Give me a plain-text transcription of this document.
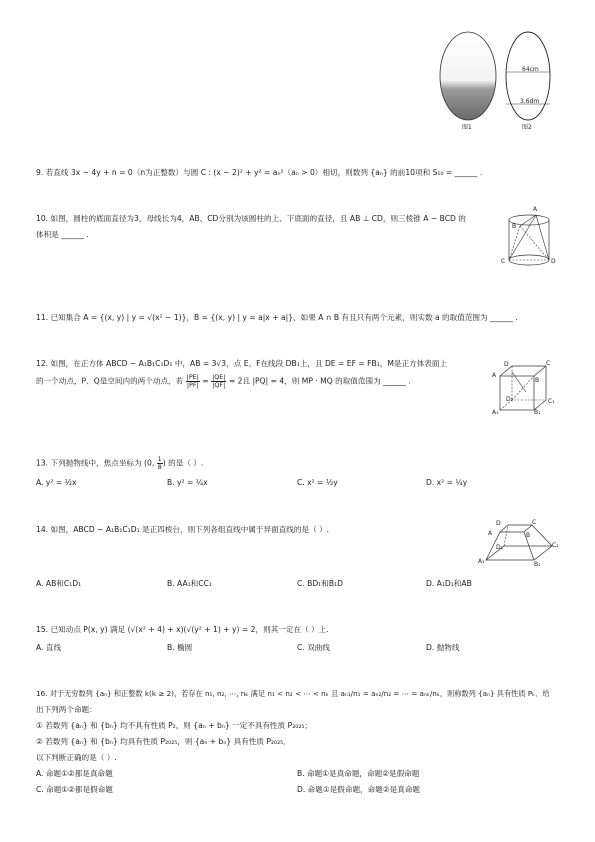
64cm
3.6dm
图1	图2
9. 若直线 3x − 4y + n = 0（n为正整数）与圆 C : (x − 2)² + y² = aₙ²（aₙ > 0）相切，则数列 {aₙ} 的前10项和 S₁₀ = ______ .
10. 如图，圆柱的底面直径为3，母线长为4，AB、CD分别为该圆柱的上、下底面的直径，且 AB ⊥ CD，则三棱锥 A − BCD 的
体积是 ______ .
A
B
C	D
11. 已知集合 A = {(x, y) | y = √(x² − 1)}，B = {(x, y) | y = a|x + a|}，如果 A ∩ B 有且只有两个元素，则实数 a 的取值范围为 ______ .
12. 如图，在正方体 ABCD − A₁B₁C₁D₁ 中，AB = 3√3，点 E、F在线段 DB₁上，且 DE = EF = FB₁，M是正方体表面上
的一个动点，P、Q是空间内的两个动点，若 $\frac{|PE|}{|PF|} = \frac{|QE|}{|QF|} = 2$且 |PQ| = 4，则 MP · MQ 的取值范围为 ______ .
D	C
A
B
D₁	C₁
A₁	B₁
13. 下列抛物线中，焦点坐标为 (0, $\frac{1}{8}$ ) 的是（ ）.
A. y² = ½x	B. y² = ¼x	C. x² = ½y	D. x² = ¼y
14. 如图，ABCD − A₁B₁C₁D₁ 是正四棱台，则下列各组直线中属于异面直线的是（ ）.
D	C
A	B
D₁	C₁
A₁	B₁
A. AB和C₁D₁	B. AA₁和CC₁	C. BD₁和B₁D	D. A₁D₁和AB
15. 已知动点 P(x, y) 满足 (√(x² + 4) + x)(√(y² + 1) + y) = 2，则其一定在（ ）上.
A. 直线	B. 椭圆	C. 双曲线	D. 抛物线
16. 对于无穷数列 {aₙ} 和正整数 k(k ≥ 2)，若存在 n₁, n₂, ⋯, nₖ 满足 n₁ < n₂ < ⋯ < nₖ 且 aₙ₁/n₁ = aₙ₂/n₂ = ⋯ = aₙₖ/nₖ，则称数列 {aₙ} 具有性质 Pₖ．给
出下列两个命题：
① 若数列 {aₙ} 和 {bₙ} 均不具有性质 P₂，则 {aₙ + bₙ} 一定不具有性质 P₂₀₂₅；
② 若数列 {aₙ} 和 {bₙ} 均具有性质 P₂₀₂₅，则 {aₙ + bₙ} 具有性质 P₂₀₂₅．
以下判断正确的是（ ）.
A. 命题①②都是真命题	B. 命题①是真命题，命题②是假命题
C. 命题①②都是假命题	D. 命题①是假命题，命题②是真命题
